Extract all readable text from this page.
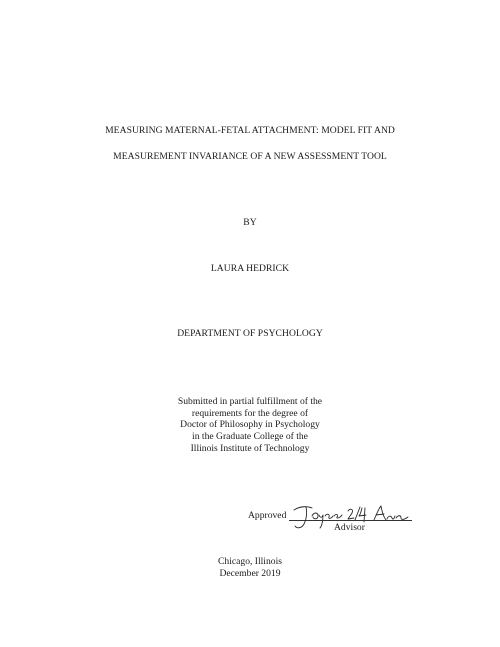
MEASURING MATERNAL-FETAL ATTACHMENT: MODEL FIT AND
MEASUREMENT INVARIANCE OF A NEW ASSESSMENT TOOL
BY
LAURA HEDRICK
DEPARTMENT OF PSYCHOLOGY
Submitted in partial fulfillment of the
requirements for the degree of
Doctor of Philosophy in Psychology
in the Graduate College of the
Illinois Institute of Technology
Approved
Advisor
Chicago, Illinois
December 2019
